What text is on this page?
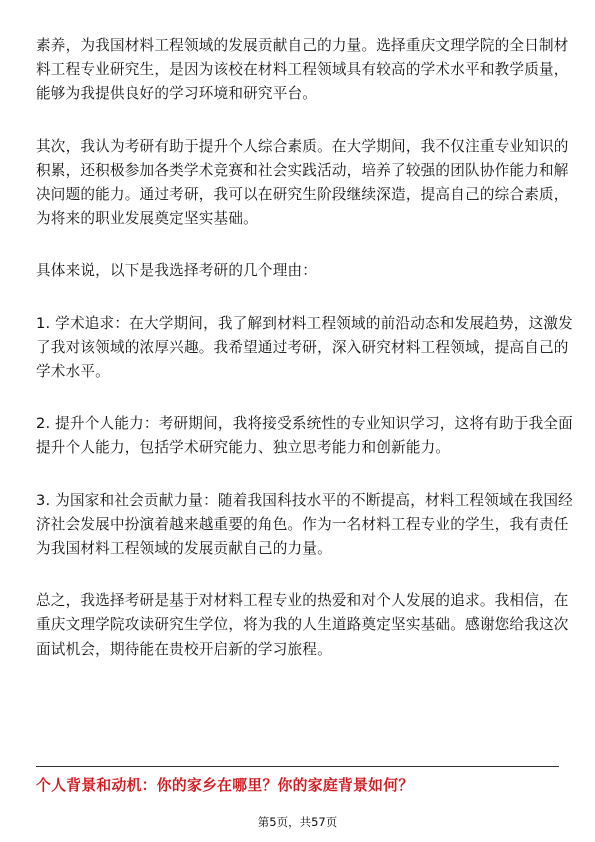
素养，为我国材料工程领域的发展贡献自己的力量。选择重庆文理学院的全日制材
料工程专业研究生，是因为该校在材料工程领域具有较高的学术水平和教学质量，
能够为我提供良好的学习环境和研究平台。

其次，我认为考研有助于提升个人综合素质。在大学期间，我不仅注重专业知识的
积累，还积极参加各类学术竞赛和社会实践活动，培养了较强的团队协作能力和解
决问题的能力。通过考研，我可以在研究生阶段继续深造，提高自己的综合素质，
为将来的职业发展奠定坚实基础。

具体来说，以下是我选择考研的几个理由：

1. 学术追求：在大学期间，我了解到材料工程领域的前沿动态和发展趋势，这激发
了我对该领域的浓厚兴趣。我希望通过考研，深入研究材料工程领域，提高自己的
学术水平。

2. 提升个人能力：考研期间，我将接受系统性的专业知识学习，这将有助于我全面
提升个人能力，包括学术研究能力、独立思考能力和创新能力。

3. 为国家和社会贡献力量：随着我国科技水平的不断提高，材料工程领域在我国经
济社会发展中扮演着越来越重要的角色。作为一名材料工程专业的学生，我有责任
为我国材料工程领域的发展贡献自己的力量。

总之，我选择考研是基于对材料工程专业的热爱和对个人发展的追求。我相信，在
重庆文理学院攻读研究生学位，将为我的人生道路奠定坚实基础。感谢您给我这次
面试机会，期待能在贵校开启新的学习旅程。

个人背景和动机：你的家乡在哪里？你的家庭背景如何？
第5页，共57页
